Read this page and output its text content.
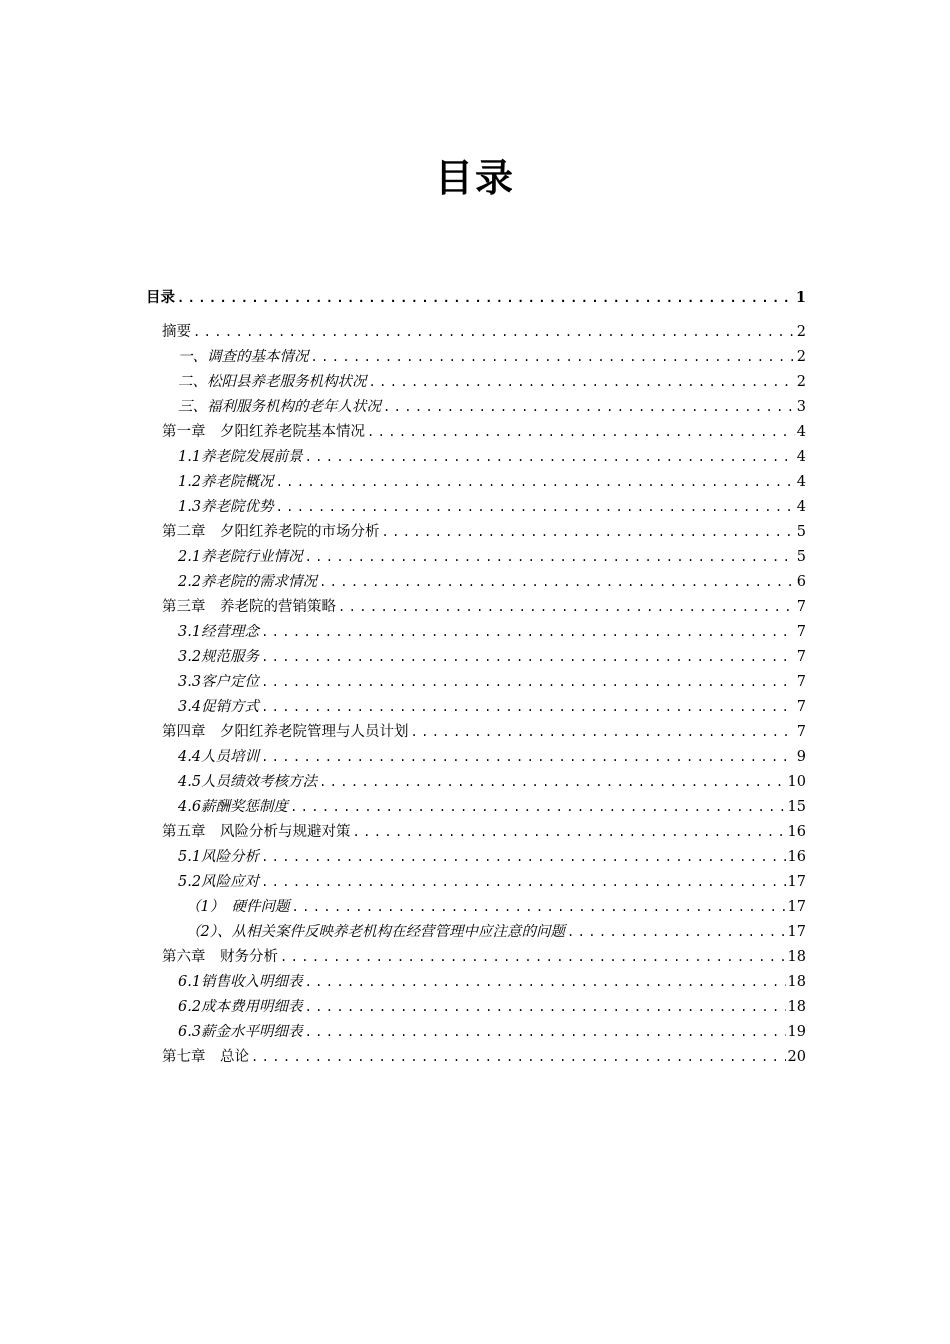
目录
目录 .....	1
摘要 .....	2
一、调查的基本情况 .....	2
二、松阳县养老服务机构状况 .....	2
三、福利服务机构的老年人状况 .....	3
第一章　夕阳红养老院基本情况 .....	4
1.1养老院发展前景 .....	4
1.2养老院概况 .....	4
1.3养老院优势 .....	4
第二章　夕阳红养老院的市场分析 .....	5
2.1养老院行业情况 .....	5
2.2养老院的需求情况 .....	6
第三章　养老院的营销策略 .....	7
3.1经营理念 .....	7
3.2规范服务 .....	7
3.3客户定位 .....	7
3.4促销方式 .....	7
第四章　夕阳红养老院管理与人员计划 .....	7
4.4人员培训 .....	9
4.5人员绩效考核方法 .....	10
4.6薪酬奖惩制度 .....	15
第五章　风险分析与规避对策 .....	16
5.1风险分析 .....	16
5.2风险应对 .....	17
（1）　硬件问题 .....	17
（2）、从相关案件反映养老机构在经营管理中应注意的问题 .....	17
第六章　财务分析 .....	18
6.1销售收入明细表 .....	18
6.2成本费用明细表 .....	18
6.3薪金水平明细表 .....	19
第七章　总论 .....	20
